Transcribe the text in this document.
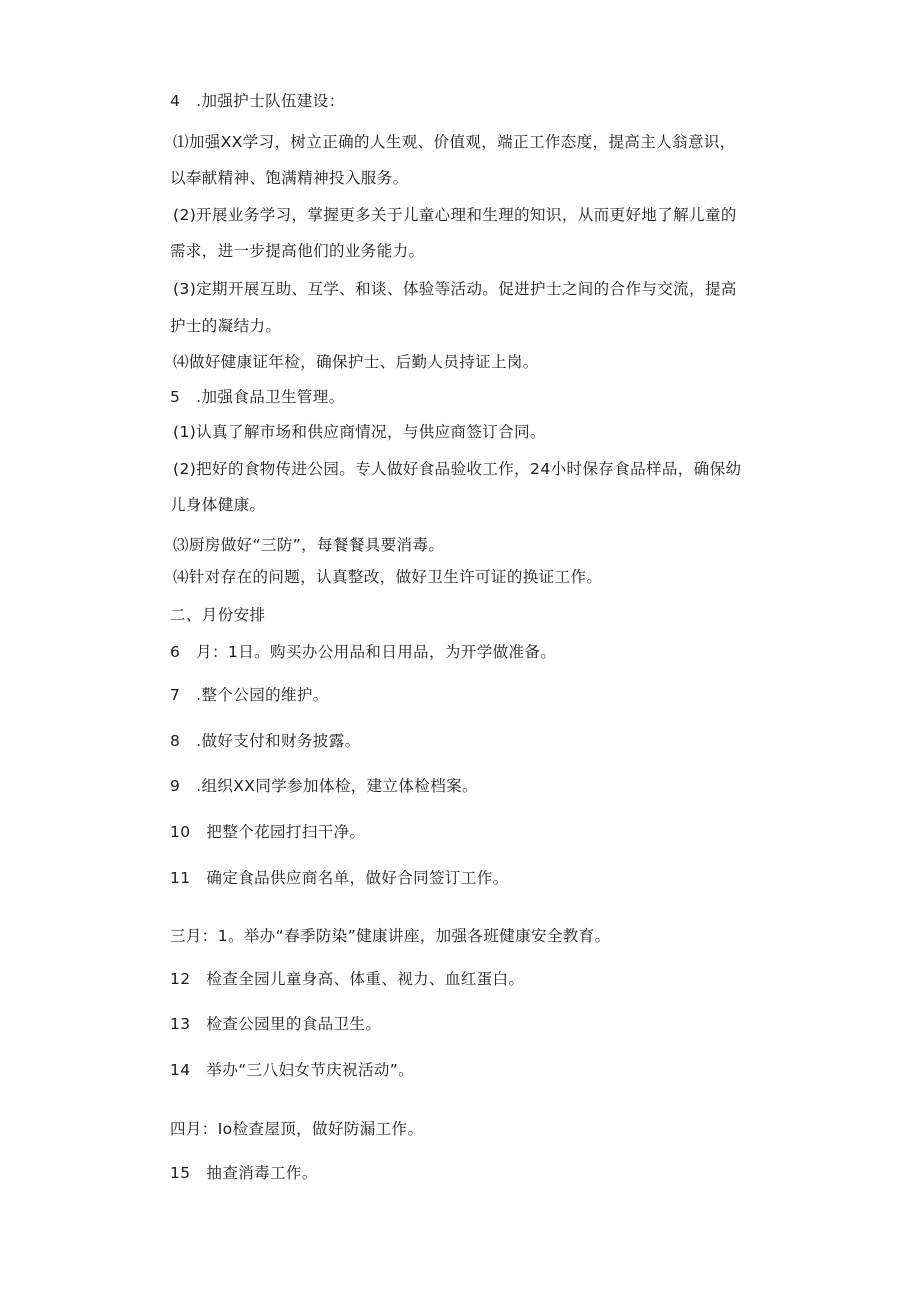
4　.加强护士队伍建设：
⑴加强XX学习，树立正确的人生观、价值观，端正工作态度，提高主人翁意识，
以奉献精神、饱满精神投入服务。
(2)开展业务学习，掌握更多关于儿童心理和生理的知识，从而更好地了解儿童的
需求，进一步提高他们的业务能力。
(3)定期开展互助、互学、和谈、体验等活动。促进护士之间的合作与交流，提高
护士的凝结力。
⑷做好健康证年检，确保护士、后勤人员持证上岗。
5　.加强食品卫生管理。
(1)认真了解市场和供应商情况，与供应商签订合同。
(2)把好的食物传进公园。专人做好食品验收工作，24小时保存食品样品，确保幼
儿身体健康。
⑶厨房做好“三防”，每餐餐具要消毒。
⑷针对存在的问题，认真整改，做好卫生许可证的换证工作。
二、月份安排
6　月：1日。购买办公用品和日用品，为开学做准备。
7　.整个公园的维护。
8　.做好支付和财务披露。
9　.组织XX同学参加体检，建立体检档案。
10　把整个花园打扫干净。
11　确定食品供应商名单，做好合同签订工作。
三月：1。举办“春季防染”健康讲座，加强各班健康安全教育。
12　检查全园儿童身高、体重、视力、血红蛋白。
13　检查公园里的食品卫生。
14　举办“三八妇女节庆祝活动”。
四月：Io检查屋顶，做好防漏工作。
15　抽查消毒工作。
